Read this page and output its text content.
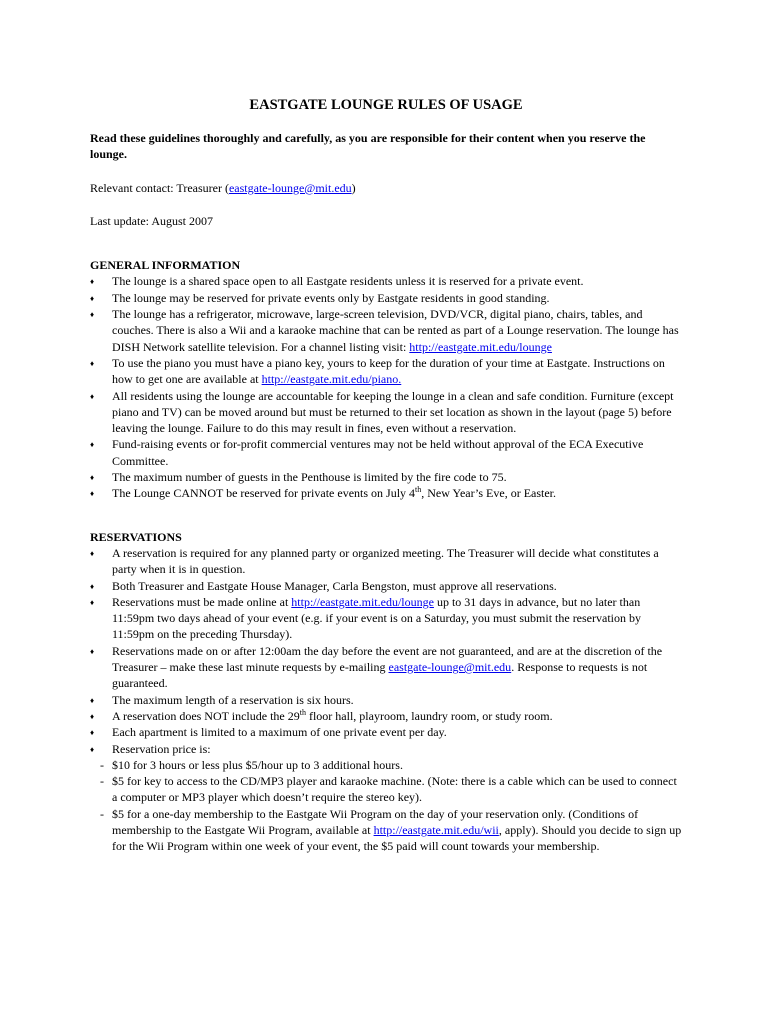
EASTGATE LOUNGE RULES OF USAGE

Read these guidelines thoroughly and carefully, as you are responsible for their content when you reserve the lounge.

Relevant contact: Treasurer (eastgate-lounge@mit.edu)

Last update: August 2007

GENERAL INFORMATION

♦ The lounge is a shared space open to all Eastgate residents unless it is reserved for a private event.
♦ The lounge may be reserved for private events only by Eastgate residents in good standing.
♦ The lounge has a refrigerator, microwave, large-screen television, DVD/VCR, digital piano, chairs, tables, and couches. There is also a Wii and a karaoke machine that can be rented as part of a Lounge reservation. The lounge has DISH Network satellite television. For a channel listing visit: http://eastgate.mit.edu/lounge
♦ To use the piano you must have a piano key, yours to keep for the duration of your time at Eastgate. Instructions on how to get one are available at http://eastgate.mit.edu/piano.
♦ All residents using the lounge are accountable for keeping the lounge in a clean and safe condition. Furniture (except piano and TV) can be moved around but must be returned to their set location as shown in the layout (page 5) before leaving the lounge. Failure to do this may result in fines, even without a reservation.
♦ Fund-raising events or for-profit commercial ventures may not be held without approval of the ECA Executive Committee.
♦ The maximum number of guests in the Penthouse is limited by the fire code to 75.
♦ The Lounge CANNOT be reserved for private events on July 4th, New Year’s Eve, or Easter.

RESERVATIONS

♦ A reservation is required for any planned party or organized meeting. The Treasurer will decide what constitutes a party when it is in question.
♦ Both Treasurer and Eastgate House Manager, Carla Bengston, must approve all reservations.
♦ Reservations must be made online at http://eastgate.mit.edu/lounge up to 31 days in advance, but no later than 11:59pm two days ahead of your event (e.g. if your event is on a Saturday, you must submit the reservation by 11:59pm on the preceding Thursday).
♦ Reservations made on or after 12:00am the day before the event are not guaranteed, and are at the discretion of the Treasurer – make these last minute requests by e-mailing eastgate-lounge@mit.edu. Response to requests is not guaranteed.
♦ The maximum length of a reservation is six hours.
♦ A reservation does NOT include the 29th floor hall, playroom, laundry room, or study room.
♦ Each apartment is limited to a maximum of one private event per day.
♦ Reservation price is:
- $10 for 3 hours or less plus $5/hour up to 3 additional hours.
- $5 for key to access to the CD/MP3 player and karaoke machine. (Note: there is a cable which can be used to connect a computer or MP3 player which doesn’t require the stereo key).
- $5 for a one-day membership to the Eastgate Wii Program on the day of your reservation only. (Conditions of membership to the Eastgate Wii Program, available at http://eastgate.mit.edu/wii, apply). Should you decide to sign up for the Wii Program within one week of your event, the $5 paid will count towards your membership.
